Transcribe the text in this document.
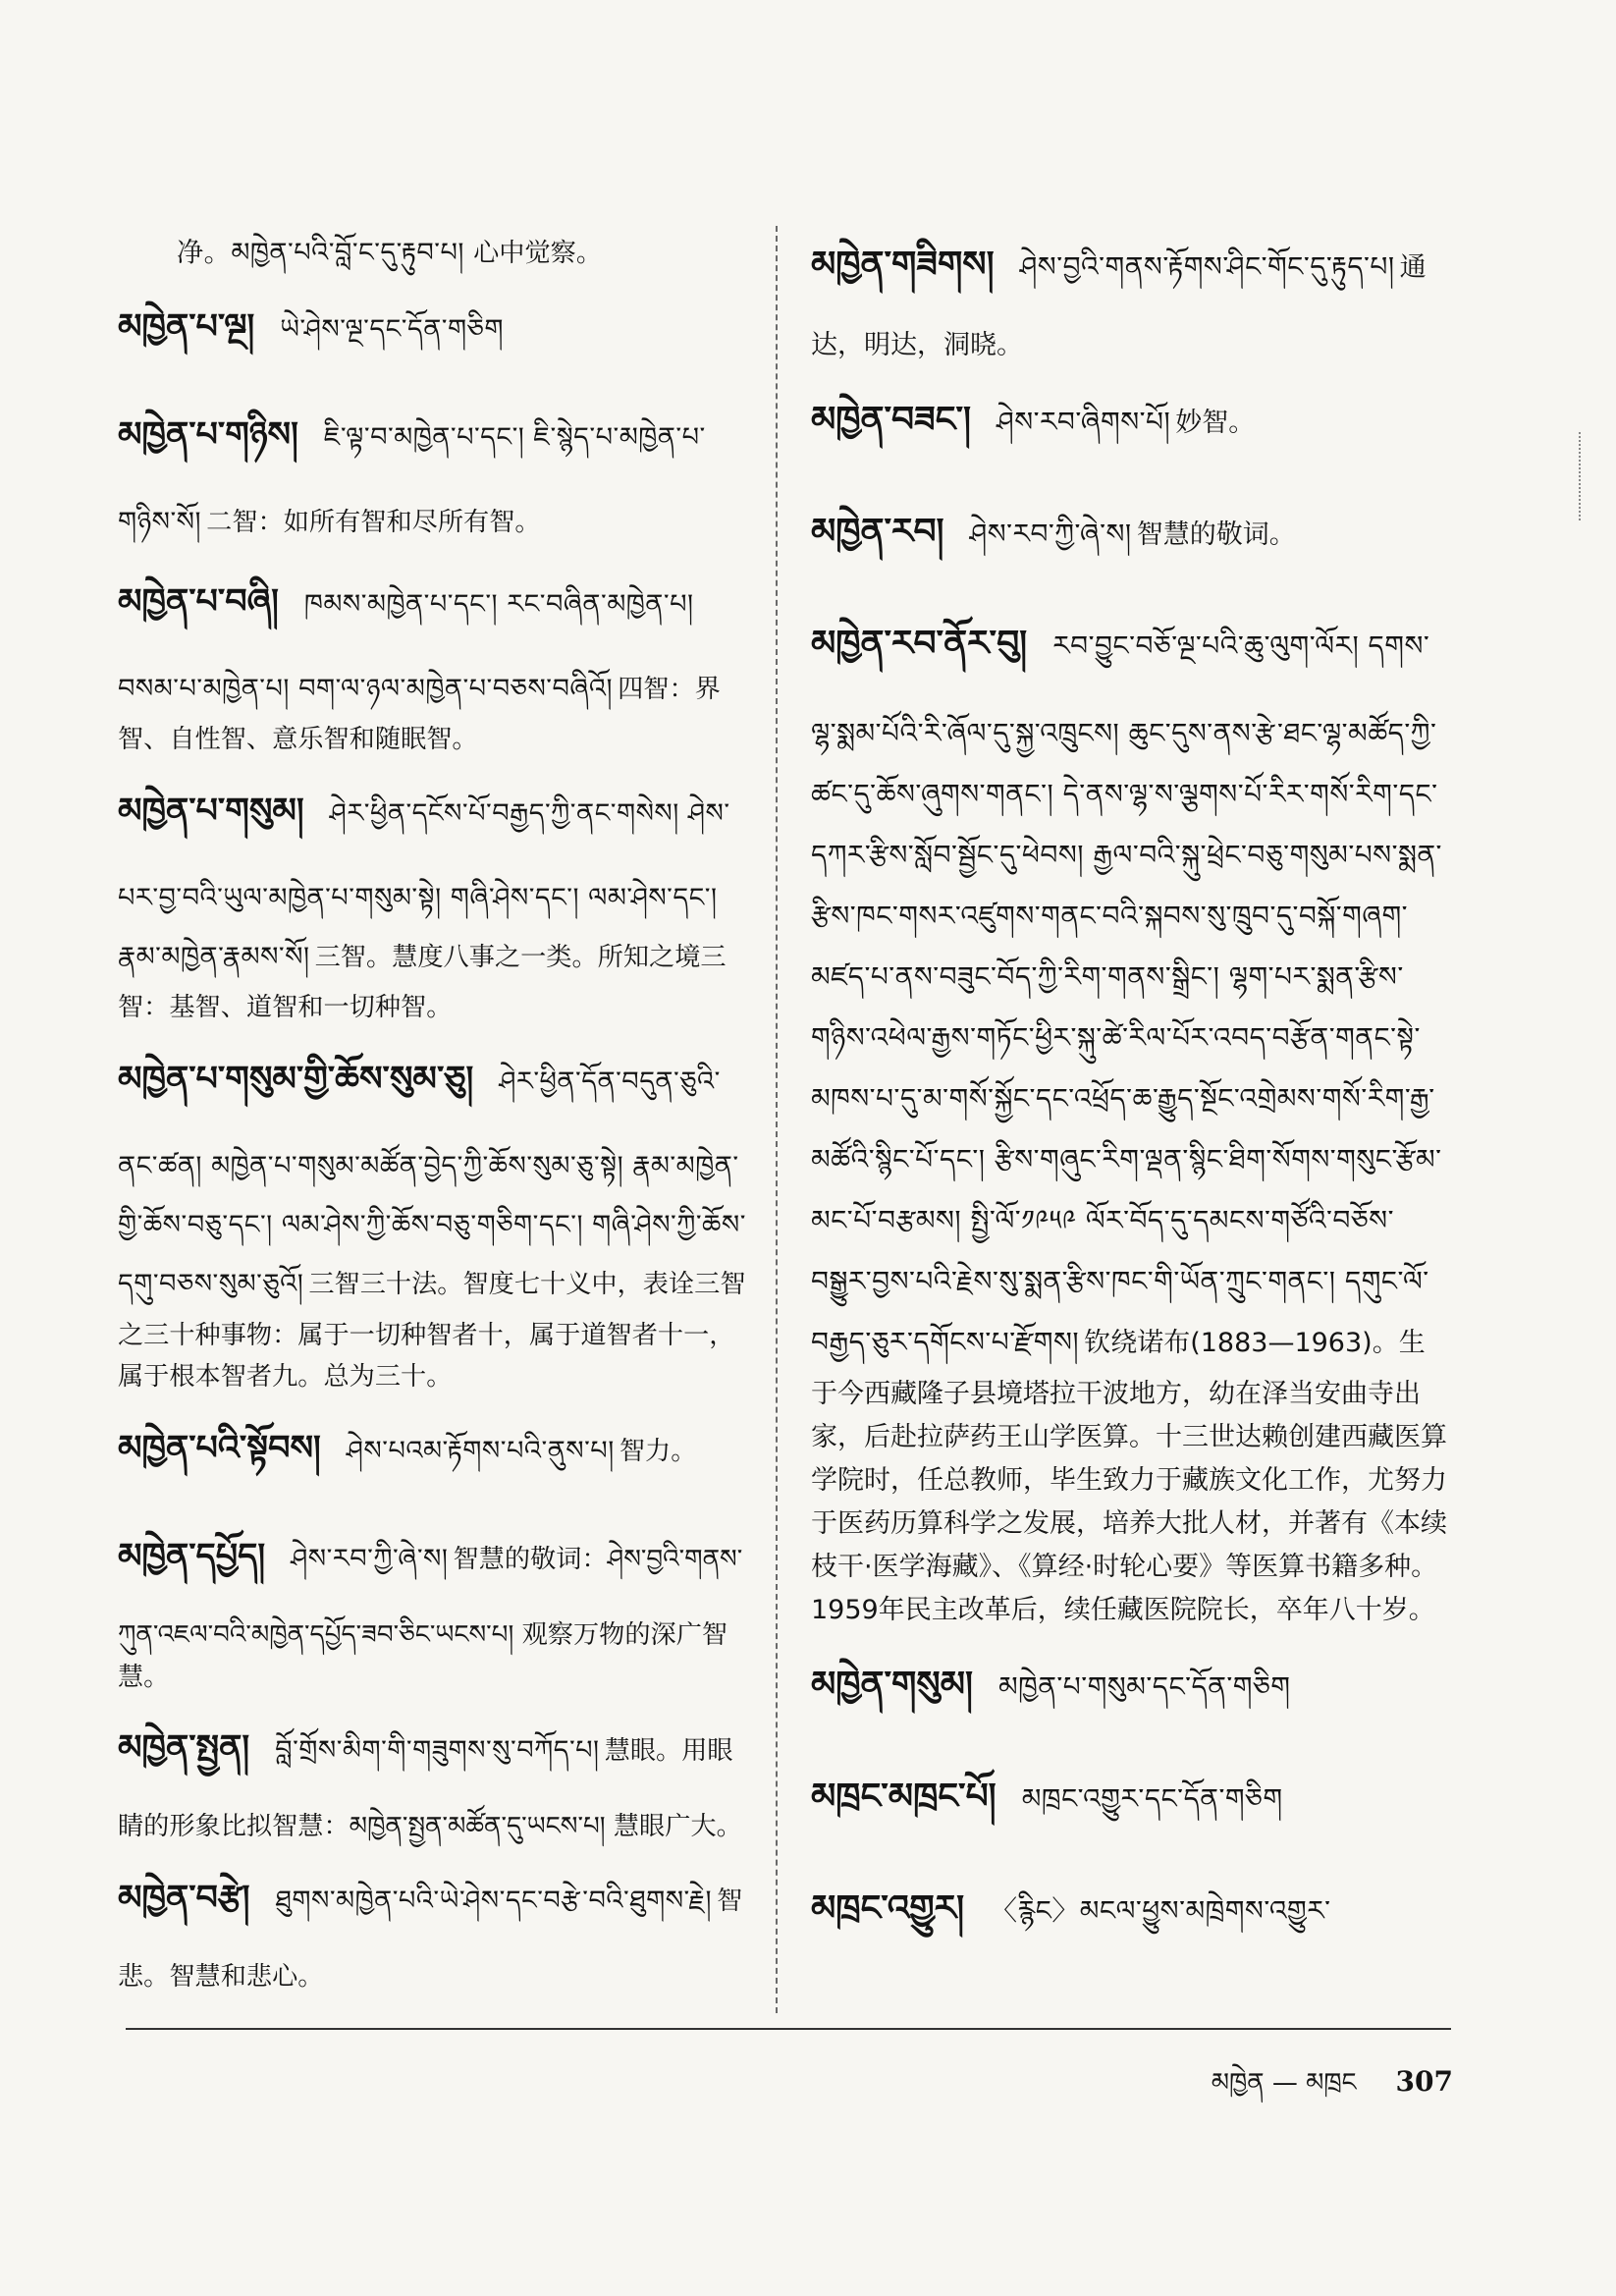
净。མཁྱེན་པའི་བློ་ང་དུ་རྟུབ་པ། 心中觉察。
མཁྱེན་པ་ལྔ། ཡེ་ཤེས་ལྔ་དང་དོན་གཅིག
མཁྱེན་པ་གཉིས། ཇི་ལྟ་བ་མཁྱེན་པ་དང་། ཇི་སྙེད་པ་མཁྱེན་པ་གཉིས་སོ། 二智：如所有智和尽所有智。
མཁྱེན་པ་བཞི། ཁམས་མཁྱེན་པ་དང་། རང་བཞིན་མཁྱེན་པ། བསམ་པ་མཁྱེན་པ། བག་ལ་ཉལ་མཁྱེན་པ་བཅས་བཞིའོ། 四智：界智、自性智、意乐智和随眠智。
མཁྱེན་པ་གསུམ། ཤེར་ཕྱིན་དངོས་པོ་བརྒྱད་ཀྱི་ནང་གསེས། ཤེས་པར་བྱ་བའི་ཡུལ་མཁྱེན་པ་གསུམ་སྟེ། གཞི་ཤེས་དང་། ལམ་ཤེས་དང་། རྣམ་མཁྱེན་རྣམས་སོ། 三智。慧度八事之一类。所知之境三智：基智、道智和一切种智。
མཁྱེན་པ་གསུམ་གྱི་ཆོས་སུམ་ཅུ། ཤེར་ཕྱིན་དོན་བདུན་ཅུའི་ནང་ཚན། མཁྱེན་པ་གསུམ་མཚོན་བྱེད་ཀྱི་ཆོས་སུམ་ཅུ་སྟེ། རྣམ་མཁྱེན་གྱི་ཆོས་བཅུ་དང་། ལམ་ཤེས་ཀྱི་ཆོས་བཅུ་གཅིག་དང་། གཞི་ཤེས་ཀྱི་ཆོས་དགུ་བཅས་སུམ་ཅུའོ། 三智三十法。智度七十义中，表诠三智之三十种事物：属于一切种智者十，属于道智者十一，属于根本智者九。总为三十。
མཁྱེན་པའི་སྟོབས། ཤེས་པའམ་རྟོགས་པའི་ནུས་པ། 智力。
མཁྱེན་དཔྱོད། ཤེས་རབ་ཀྱི་ཞེ་ས། 智慧的敬词：ཤེས་བྱའི་གནས་ཀུན་འཇལ་བའི་མཁྱེན་དཔྱོད་ཟབ་ཅིང་ཡངས་པ། 观察万物的深广智慧。
མཁྱེན་སྤྱན། བློ་གྲོས་མིག་གི་གཟུགས་སུ་བཀོད་པ། 慧眼。用眼睛的形象比拟智慧：མཁྱེན་སྤྱན་མཚོན་དུ་ཡངས་པ། 慧眼广大。
མཁྱེན་བརྩེ། ཐུགས་མཁྱེན་པའི་ཡེ་ཤེས་དང་བརྩེ་བའི་ཐུགས་རྗེ། 智悲。智慧和悲心。
མཁྱེན་གཟིགས། ཤེས་བྱའི་གནས་རྟོགས་ཤིང་གོང་དུ་རྟུད་པ། 通达，明达，洞晓。
མཁྱེན་བཟང་། ཤེས་རབ་ཞིགས་པོ། 妙智。
མཁྱེན་རབ། ཤེས་རབ་ཀྱི་ཞེ་ས། 智慧的敬词。
མཁྱེན་རབ་ནོར་བུ། རབ་བྱུང་བཅོ་ལྔ་པའི་ཆུ་ལུག་ལོར། དགས་ལྷ་སྨམ་པོའི་རི་ཞོལ་དུ་སྐྱ་འཁྲུངས། ཆུང་དུས་ནས་རྩེ་ཐང་ལྷ་མཚོད་ཀྱི་ཚང་དུ་ཆོས་ཞུགས་གནང་། དེ་ནས་ལྷ་ས་ལྕགས་པོ་རིར་གསོ་རིག་དང་དཀར་རྩིས་སློབ་སྦྱོང་དུ་ཕེབས། རྒྱལ་བའི་སྐུ་ཕྲེང་བཅུ་གསུམ་པས་སྨན་རྩིས་ཁང་གསར་འཛུགས་གནང་བའི་སྐབས་སུ་ཁྲུབ་དུ་བསྐོ་གཞག་མཛད་པ་ནས་བཟུང་བོད་ཀྱི་རིག་གནས་སྒྲིང་། ལྷག་པར་སྨན་རྩིས་གཉིས་འཕེལ་རྒྱས་གཏོང་ཕྱིར་སྐུ་ཚེ་རིལ་པོར་འབད་བརྩོན་གནང་སྟེ་མཁས་པ་དུ་མ་གསོ་སྐྱོང་དང་འཕྲོད་ཆ་རྒྱུད་སྔོང་འགྲེམས་གསོ་རིག་རྒྱ་མཚོའི་སྙིང་པོ་དང་། རྩིས་གཞུང་རིག་ལྡན་སྙིང་ཐིག་སོགས་གསུང་རྩོམ་མང་པོ་བརྩམས། སྤྱི་ལོ་༡༩༥༩ ལོར་བོད་དུ་དམངས་གཙོའི་བཅོས་བསྒྱུར་བྱས་པའི་རྗེས་སུ་སྨན་རྩིས་ཁང་གི་ཡོན་ཀྲུང་གནང་། དགུང་ལོ་བརྒྱད་ཅུར་དགོངས་པ་རྫོགས། 钦绕诺布(1883—1963)。生于今西藏隆子县境塔拉干波地方，幼在泽当安曲寺出家，后赴拉萨药王山学医算。十三世达赖创建西藏医算学院时，任总教师，毕生致力于藏族文化工作，尤努力于医药历算科学之发展，培养大批人材，并著有《本续枝干·医学海藏》、《算经·时轮心要》等医算书籍多种。1959年民主改革后，续任藏医院院长，卒年八十岁。
མཁྱེན་གསུམ། མཁྱེན་པ་གསུམ་དང་དོན་གཅིག
མཁྲང་མཁྲང་པོ། མཁྲང་འགྱུར་དང་དོན་གཅིག
མཁྲང་འགྱུར། 〈རྙིང〉མངལ་ཕྱུས་མཁྲེགས་འགྱུར་
མཁྱེན — མཁྲང 307
